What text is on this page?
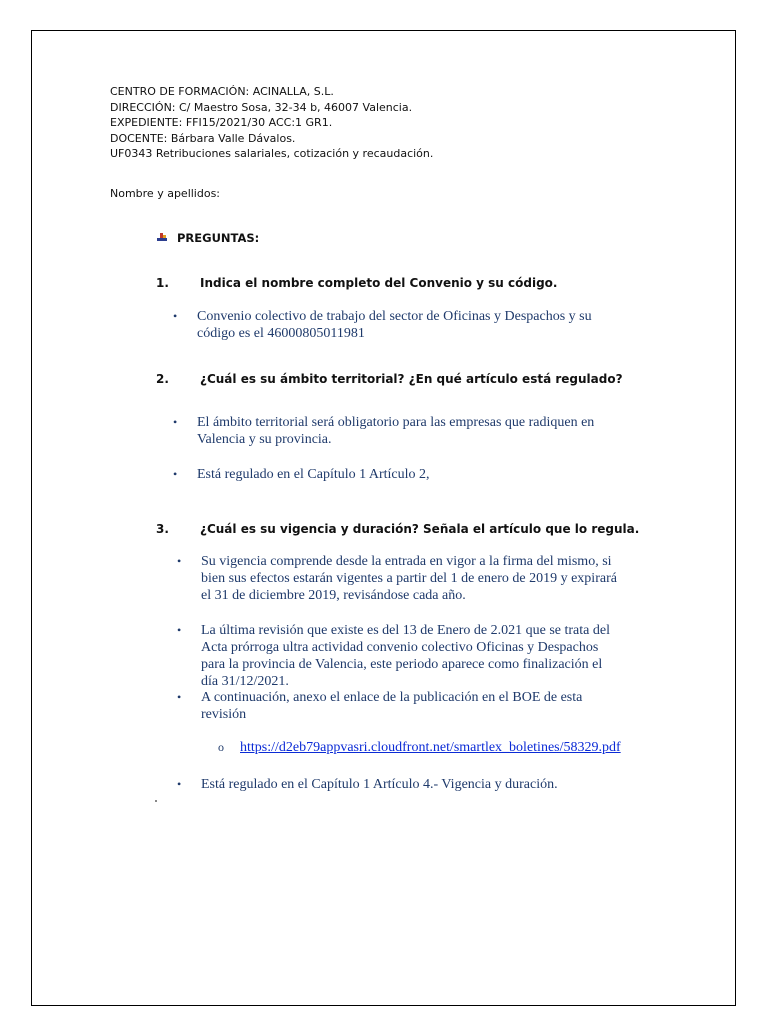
CENTRO DE FORMACIÓN: ACINALLA, S.L.
DIRECCIÓN: C/ Maestro Sosa, 32-34 b, 46007 Valencia.
EXPEDIENTE: FFI15/2021/30 ACC:1 GR1.
DOCENTE: Bárbara Valle Dávalos.
UF0343 Retribuciones salariales, cotización y recaudación.
Nombre y apellidos:
PREGUNTAS:
1.	Indica el nombre completo del Convenio y su código.
• Convenio colectivo de trabajo del sector de Oficinas y Despachos y su
código es el 46000805011981
2.	¿Cuál es su ámbito territorial? ¿En qué artículo está regulado?
• El ámbito territorial será obligatorio para las empresas que radiquen en
Valencia y su provincia.
• Está regulado en el Capítulo 1 Artículo 2,
3.	¿Cuál es su vigencia y duración? Señala el artículo que lo regula.
• Su vigencia comprende desde la entrada en vigor a la firma del mismo, si
bien sus efectos estarán vigentes a partir del 1 de enero de 2019 y expirará
el 31 de diciembre 2019, revisándose cada año.
• La última revisión que existe es del 13 de Enero de 2.021 que se trata del
Acta prórroga ultra actividad convenio colectivo Oficinas y Despachos
para la provincia de Valencia, este periodo aparece como finalización el
día 31/12/2021.
• A continuación, anexo el enlace de la publicación en el BOE de esta
revisión
o https://d2eb79appvasri.cloudfront.net/smartlex_boletines/58329.pdf
• Está regulado en el Capítulo 1 Artículo 4.- Vigencia y duración.
